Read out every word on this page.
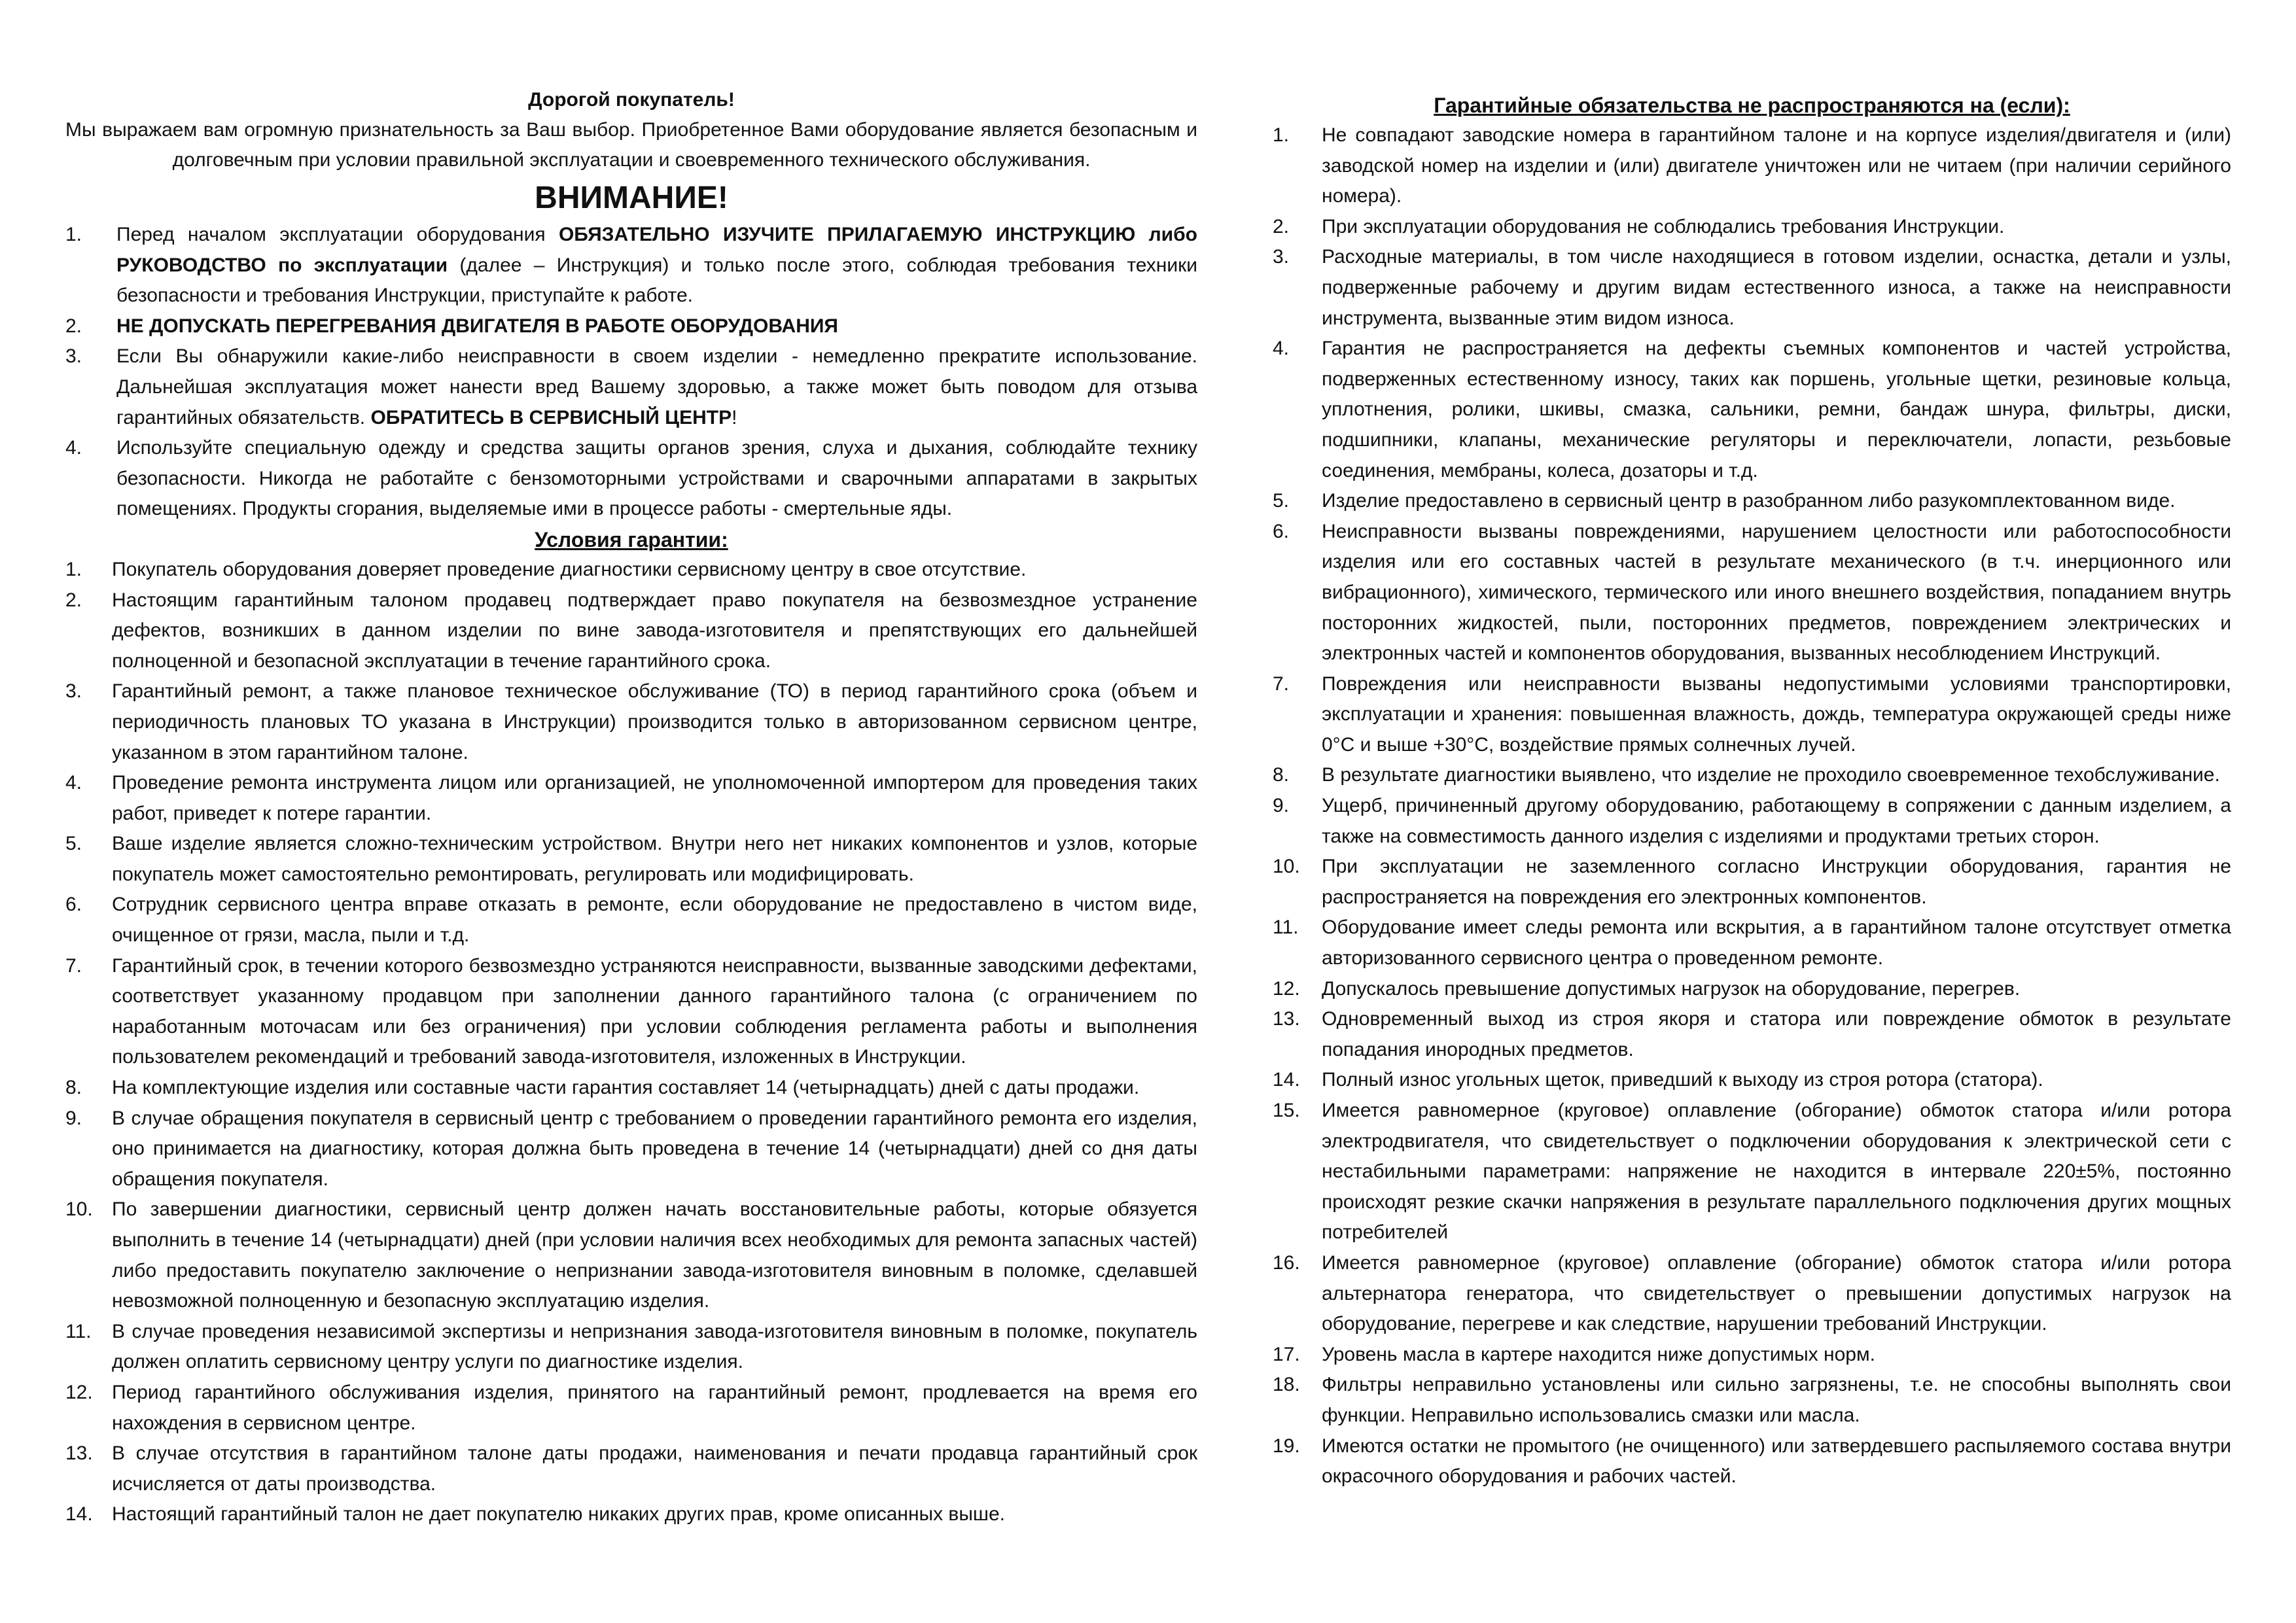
Дорогой покупатель!
Мы выражаем вам огромную признательность за Ваш выбор. Приобретенное Вами оборудование является безопасным и долговечным при условии правильной эксплуатации и своевременного технического обслуживания.
ВНИМАНИЕ!
1.	Перед началом эксплуатации оборудования ОБЯЗАТЕЛЬНО ИЗУЧИТЕ ПРИЛАГАЕМУЮ ИНСТРУКЦИЮ либо РУКОВОДСТВО по эксплуатации (далее – Инструкция) и только после этого, соблюдая требования техники безопасности и требования Инструкции, приступайте к работе.
2.	НЕ ДОПУСКАТЬ ПЕРЕГРЕВАНИЯ ДВИГАТЕЛЯ В РАБОТЕ ОБОРУДОВАНИЯ
3.	Если Вы обнаружили какие-либо неисправности в своем изделии - немедленно прекратите использование. Дальнейшая эксплуатация может нанести вред Вашему здоровью, а также может быть поводом для отзыва гарантийных обязательств. ОБРАТИТЕСЬ В СЕРВИСНЫЙ ЦЕНТР!
4.	Используйте специальную одежду и средства защиты органов зрения, слуха и дыхания, соблюдайте технику безопасности. Никогда не работайте с бензомоторными устройствами и сварочными аппаратами в закрытых помещениях. Продукты сгорания, выделяемые ими в процессе работы - смертельные яды.
Условия гарантии:
1.	Покупатель оборудования доверяет проведение диагностики сервисному центру в свое отсутствие.
2.	Настоящим гарантийным талоном продавец подтверждает право покупателя на безвозмездное устранение дефектов, возникших в данном изделии по вине завода-изготовителя и препятствующих его дальнейшей полноценной и безопасной эксплуатации в течение гарантийного срока.
3.	Гарантийный ремонт, а также плановое техническое обслуживание (ТО) в период гарантийного срока (объем и периодичность плановых ТО указана в Инструкции) производится только в авторизованном сервисном центре, указанном в этом гарантийном талоне.
4.	Проведение ремонта инструмента лицом или организацией, не уполномоченной импортером для проведения таких работ, приведет к потере гарантии.
5.	Ваше изделие является сложно-техническим устройством. Внутри него нет никаких компонентов и узлов, которые покупатель может самостоятельно ремонтировать, регулировать или модифицировать.
6.	Сотрудник сервисного центра вправе отказать в ремонте, если оборудование не предоставлено в чистом виде, очищенное от грязи, масла, пыли и т.д.
7.	Гарантийный срок, в течении которого безвозмездно устраняются неисправности, вызванные заводскими дефектами, соответствует указанному продавцом при заполнении данного гарантийного талона (с ограничением по наработанным моточасам или без ограничения) при условии соблюдения регламента работы и выполнения пользователем рекомендаций и требований завода-изготовителя, изложенных в Инструкции.
8.	На комплектующие изделия или составные части гарантия составляет 14 (четырнадцать) дней с даты продажи.
9.	В случае обращения покупателя в сервисный центр с требованием о проведении гарантийного ремонта его изделия, оно принимается на диагностику, которая должна быть проведена в течение 14 (четырнадцати) дней со дня даты обращения покупателя.
10. По завершении диагностики, сервисный центр должен начать восстановительные работы, которые обязуется выполнить в течение 14 (четырнадцати) дней (при условии наличия всех необходимых для ремонта запасных частей) либо предоставить покупателю заключение о непризнании завода-изготовителя виновным в поломке, сделавшей невозможной полноценную и безопасную эксплуатацию изделия.
11.	В случае проведения независимой экспертизы и непризнания завода-изготовителя виновным в поломке, покупатель должен оплатить сервисному центру услуги по диагностике изделия.
12. Период гарантийного обслуживания изделия, принятого на гарантийный ремонт, продлевается на время его нахождения в сервисном центре.
13. В случае отсутствия в гарантийном талоне даты продажи, наименования и печати продавца гарантийный срок исчисляется от даты производства.
14. Настоящий гарантийный талон не дает покупателю никаких других прав, кроме описанных выше.
Гарантийные обязательства не распространяются на (если):
1.	Не совпадают заводские номера в гарантийном талоне и на корпусе изделия/двигателя и (или) заводской номер на изделии и (или) двигателе уничтожен или не читаем (при наличии серийного номера).
2.	При эксплуатации оборудования не соблюдались требования Инструкции.
3.	Расходные материалы, в том числе находящиеся в готовом изделии, оснастка, детали и узлы, подверженные рабочему и другим видам естественного износа, а также на неисправности инструмента, вызванные этим видом износа.
4.	Гарантия не распространяется на дефекты съемных компонентов и частей устройства, подверженных естественному износу, таких как поршень, угольные щетки, резиновые кольца, уплотнения, ролики, шкивы, смазка, сальники, ремни, бандаж шнура, фильтры, диски, подшипники, клапаны, механические регуляторы и переключатели, лопасти, резьбовые соединения, мембраны, колеса, дозаторы и т.д.
5.	Изделие предоставлено в сервисный центр в разобранном либо разукомплектованном виде.
6.	Неисправности вызваны повреждениями, нарушением целостности или работоспособности изделия или его составных частей в результате механического (в т.ч. инерционного или вибрационного), химического, термического или иного внешнего воздействия, попаданием внутрь посторонних жидкостей, пыли, посторонних предметов, повреждением электрических и электронных частей и компонентов оборудования, вызванных несоблюдением Инструкций.
7.	Повреждения или неисправности вызваны недопустимыми условиями транспортировки, эксплуатации и хранения: повышенная влажность, дождь, температура окружающей среды ниже 0°С и выше +30°С, воздействие прямых солнечных лучей.
8.	В результате диагностики выявлено, что изделие не проходило своевременное техобслуживание.
9.	Ущерб, причиненный другому оборудованию, работающему в сопряжении с данным изделием, а также на совместимость данного изделия с изделиями и продуктами третьих сторон.
10.	При эксплуатации не заземленного согласно Инструкции оборудования, гарантия не распространяется на повреждения его электронных компонентов.
11.	Оборудование имеет следы ремонта или вскрытия, а в гарантийном талоне отсутствует отметка авторизованного сервисного центра о проведенном ремонте.
12.	Допускалось превышение допустимых нагрузок на оборудование, перегрев.
13.	Одновременный выход из строя якоря и статора или повреждение обмоток в результате попадания инородных предметов.
14.	Полный износ угольных щеток, приведший к выходу из строя ротора (статора).
15.	Имеется равномерное (круговое) оплавление (обгорание) обмоток статора и/или ротора электродвигателя, что свидетельствует о подключении оборудования к электрической сети с нестабильными параметрами: напряжение не находится в интервале 220±5%, постоянно происходят резкие скачки напряжения в результате параллельного подключения других мощных потребителей
16.	Имеется равномерное (круговое) оплавление (обгорание) обмоток статора и/или ротора альтернатора генератора, что свидетельствует о превышении допустимых нагрузок на оборудование, перегреве и как следствие, нарушении требований Инструкции.
17.	Уровень масла в картере находится ниже допустимых норм.
18.	Фильтры неправильно установлены или сильно загрязнены, т.е. не способны выполнять свои функции. Неправильно использовались смазки или масла.
19.	Имеются остатки не промытого (не очищенного) или затвердевшего распыляемого состава внутри окрасочного оборудования и рабочих частей.
